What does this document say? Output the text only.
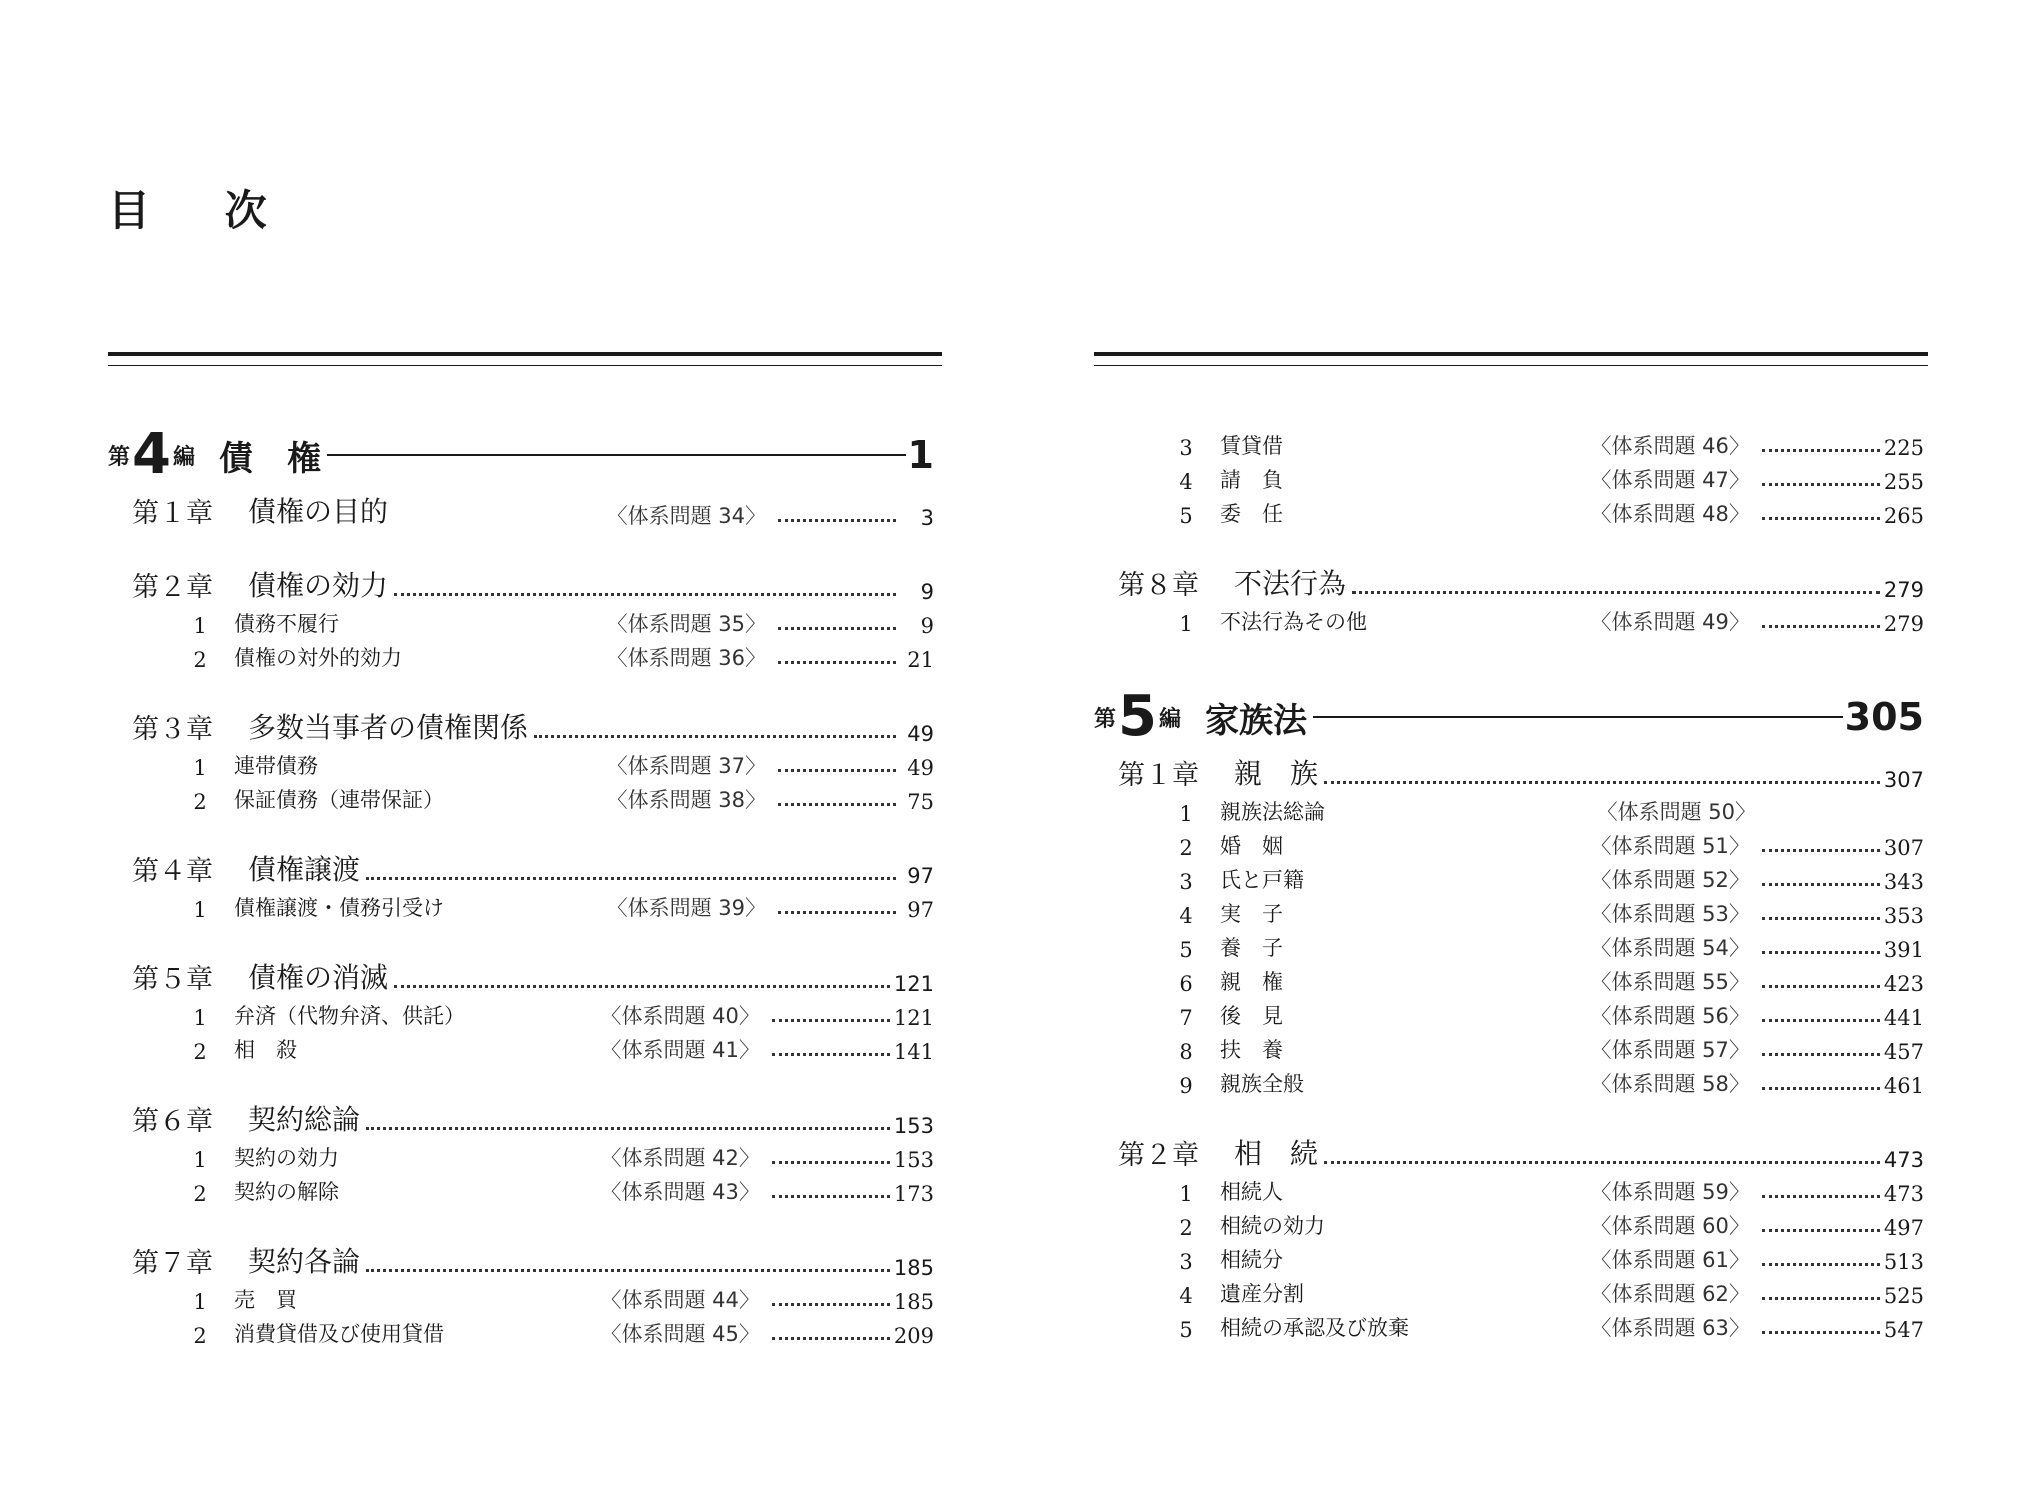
目 次
第 4 編 債　権	1
第１章	債権の目的	〈体系問題 34〉	3
第２章	債権の効力	9
1	債務不履行	〈体系問題 35〉	9
2	債権の対外的効力	〈体系問題 36〉	21
第３章	多数当事者の債権関係	49
1	連帯債務	〈体系問題 37〉	49
2	保証債務（連帯保証）	〈体系問題 38〉	75
第４章	債権譲渡	97
1	債権譲渡・債務引受け	〈体系問題 39〉	97
第５章	債権の消滅	121
1	弁済（代物弁済、供託）	〈体系問題 40〉	121
2	相　殺	〈体系問題 41〉	141
第６章	契約総論	153
1	契約の効力	〈体系問題 42〉	153
2	契約の解除	〈体系問題 43〉	173
第７章	契約各論	185
1	売　買	〈体系問題 44〉	185
2	消費貸借及び使用貸借	〈体系問題 45〉	209
3	賃貸借	〈体系問題 46〉	225
4	請　負	〈体系問題 47〉	255
5	委　任	〈体系問題 48〉	265
第８章	不法行為	279
1	不法行為その他	〈体系問題 49〉	279
第 5 編 家族法	305
第１章	親　族	307
1	親族法総論	〈体系問題 50〉
2	婚　姻	〈体系問題 51〉	307
3	氏と戸籍	〈体系問題 52〉	343
4	実　子	〈体系問題 53〉	353
5	養　子	〈体系問題 54〉	391
6	親　権	〈体系問題 55〉	423
7	後　見	〈体系問題 56〉	441
8	扶　養	〈体系問題 57〉	457
9	親族全般	〈体系問題 58〉	461
第２章	相　続	473
1	相続人	〈体系問題 59〉	473
2	相続の効力	〈体系問題 60〉	497
3	相続分	〈体系問題 61〉	513
4	遺産分割	〈体系問題 62〉	525
5	相続の承認及び放棄	〈体系問題 63〉	547
